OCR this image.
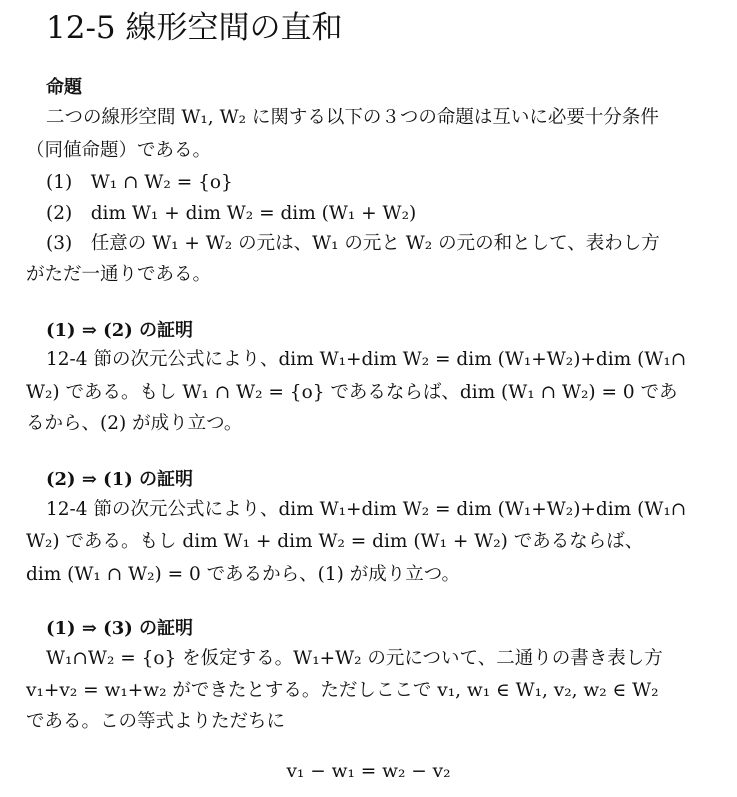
12-5 線形空間の直和
命題
二つの線形空間 W₁, W₂ に関する以下の３つの命題は互いに必要十分条件
（同値命題）である。
(1)　W₁ ∩ W₂ = {o}
(2)　dim W₁ + dim W₂ = dim (W₁ + W₂)
(3)　任意の W₁ + W₂ の元は、W₁ の元と W₂ の元の和として、表わし方
がただ一通りである。
(1) ⇒ (2) の証明
12-4 節の次元公式により、dim W₁+dim W₂ = dim (W₁+W₂)+dim (W₁∩
W₂) である。もし W₁ ∩ W₂ = {o} であるならば、dim (W₁ ∩ W₂) = 0 であ
るから、(2) が成り立つ。
(2) ⇒ (1) の証明
12-4 節の次元公式により、dim W₁+dim W₂ = dim (W₁+W₂)+dim (W₁∩
W₂) である。もし dim W₁ + dim W₂ = dim (W₁ + W₂) であるならば、
dim (W₁ ∩ W₂) = 0 であるから、(1) が成り立つ。
(1) ⇒ (3) の証明
W₁∩W₂ = {o} を仮定する。W₁+W₂ の元について、二通りの書き表し方
v₁+v₂ = w₁+w₂ ができたとする。ただしここで v₁, w₁ ∈ W₁, v₂, w₂ ∈ W₂
である。この等式よりただちに
v₁ − w₁ = w₂ − v₂
